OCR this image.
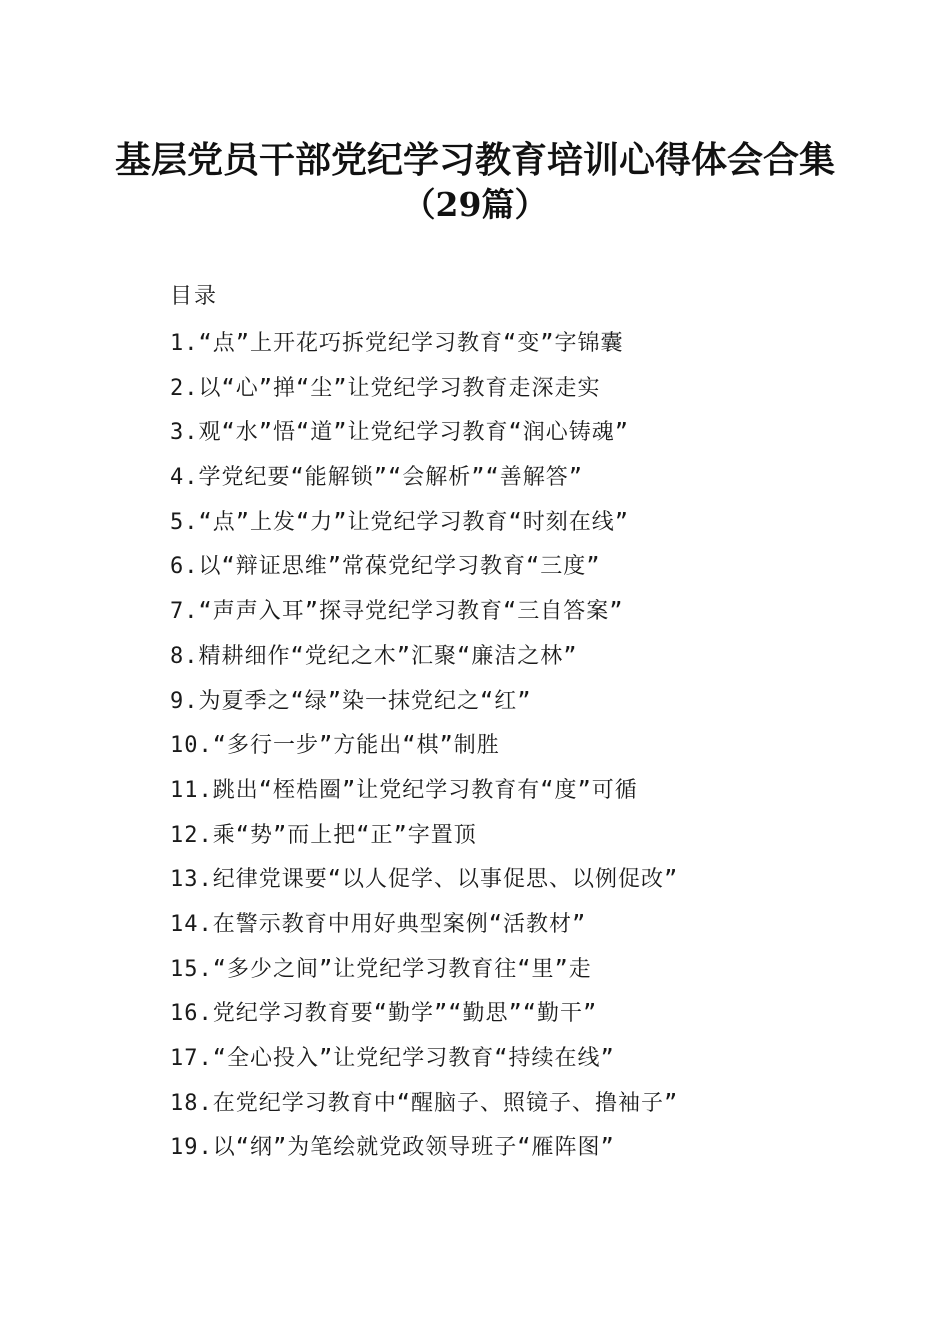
基层党员干部党纪学习教育培训心得体会合集
（29篇）
目录
1.“点”上开花巧拆党纪学习教育“变”字锦囊
2.以“心”掸“尘”让党纪学习教育走深走实
3.观“水”悟“道”让党纪学习教育“润心铸魂”
4.学党纪要“能解锁”“会解析”“善解答”
5.“点”上发“力”让党纪学习教育“时刻在线”
6.以“辩证思维”常葆党纪学习教育“三度”
7.“声声入耳”探寻党纪学习教育“三自答案”
8.精耕细作“党纪之木”汇聚“廉洁之林”
9.为夏季之“绿”染一抹党纪之“红”
10.“多行一步”方能出“棋”制胜
11.跳出“桎梏圈”让党纪学习教育有“度”可循
12.乘“势”而上把“正”字置顶
13.纪律党课要“以人促学、以事促思、以例促改”
14.在警示教育中用好典型案例“活教材”
15.“多少之间”让党纪学习教育往“里”走
16.党纪学习教育要“勤学”“勤思”“勤干”
17.“全心投入”让党纪学习教育“持续在线”
18.在党纪学习教育中“醒脑子、照镜子、撸袖子”
19.以“纲”为笔绘就党政领导班子“雁阵图”
